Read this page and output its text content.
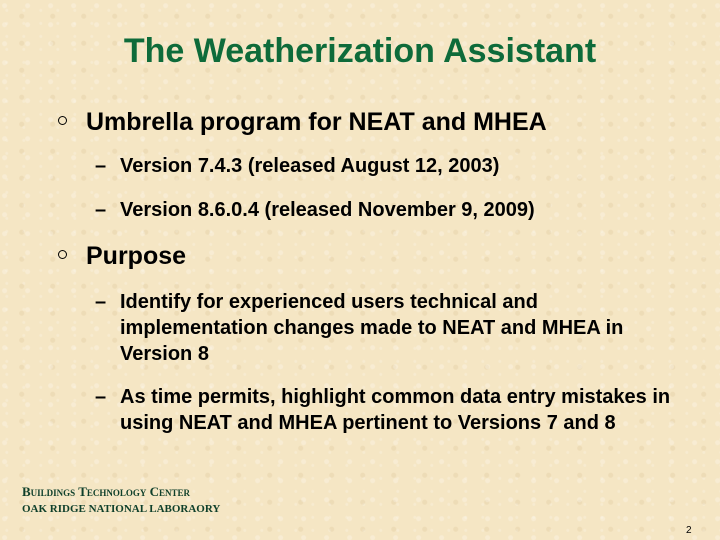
The Weatherization Assistant
Umbrella program for NEAT and MHEA
– Version 7.4.3 (released August 12, 2003)
– Version 8.6.0.4 (released November 9, 2009)
Purpose
– Identify for experienced users technical and implementation changes made to NEAT and MHEA in Version 8
– As time permits, highlight common data entry mistakes in using NEAT and MHEA pertinent to Versions 7 and 8
Buildings Technology Center
OAK RIDGE NATIONAL LABORAORY
2
